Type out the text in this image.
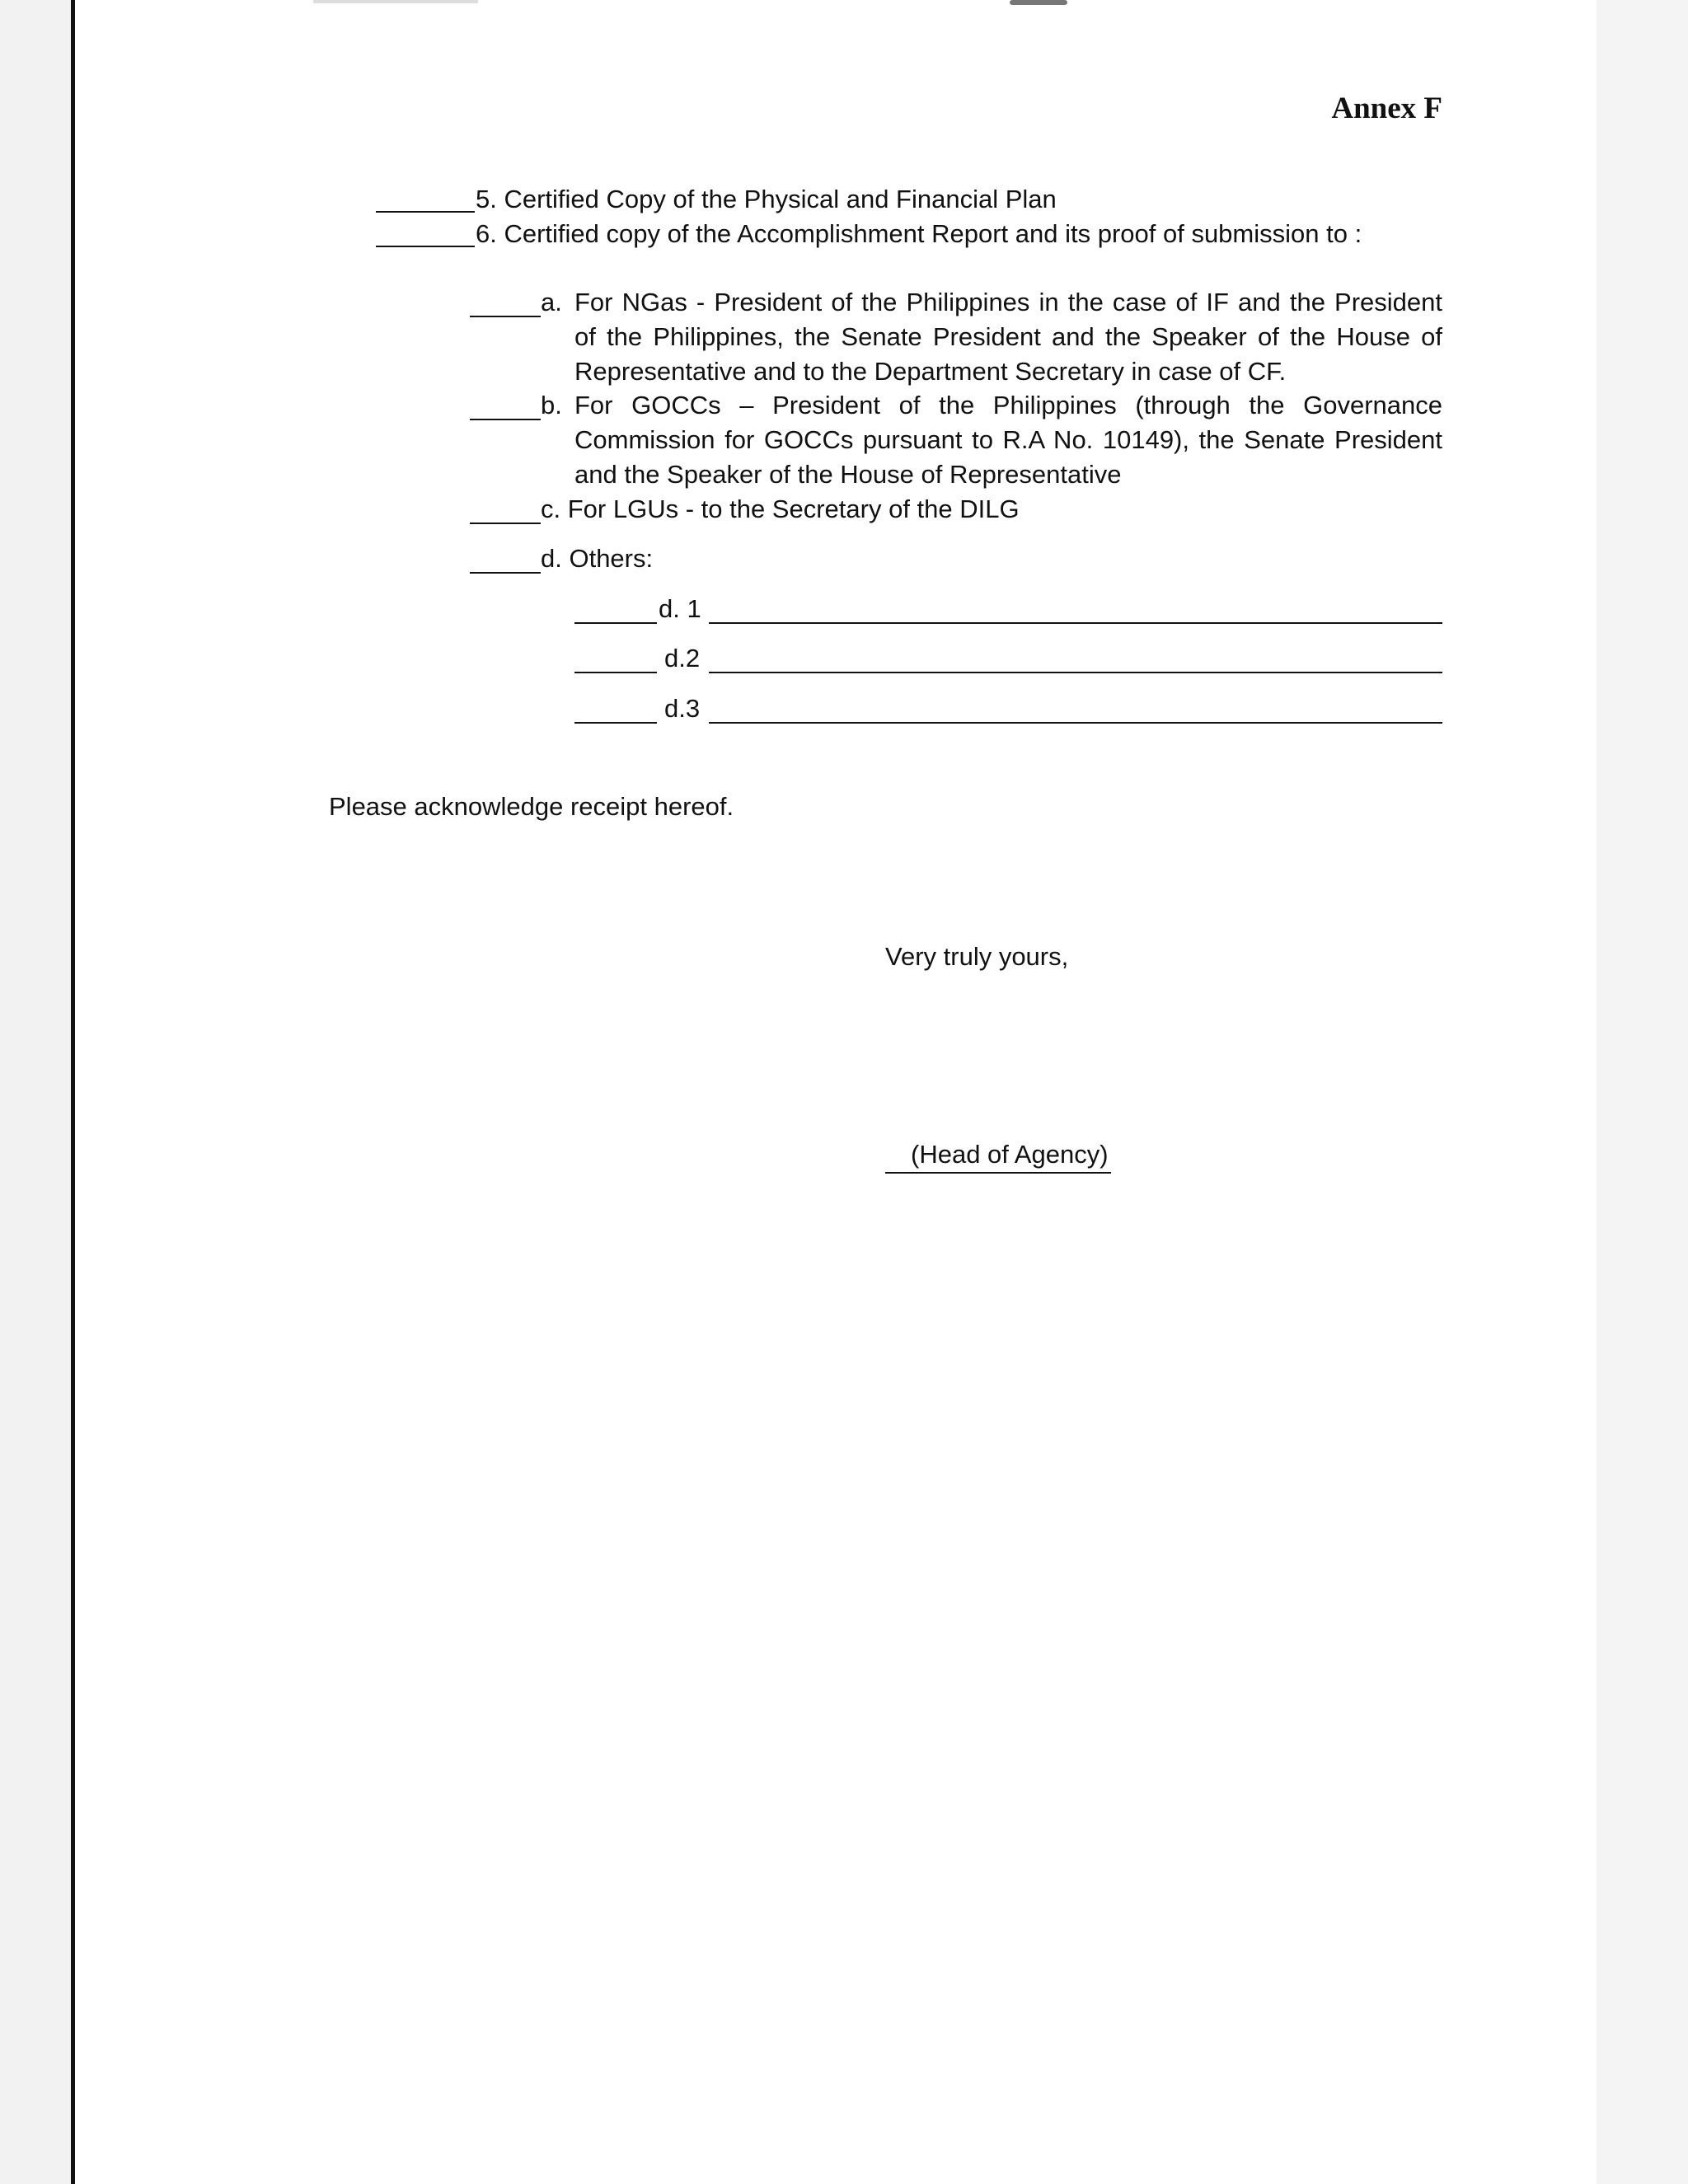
Annex F
5. Certified Copy of the Physical and Financial Plan
6. Certified copy of the Accomplishment Report and its proof of submission to :
a. For NGas - President of the Philippines in the case of IF and the President
of the Philippines, the Senate President and the Speaker of the House of
Representative and to the Department Secretary in case of CF.
b. For GOCCs – President of the Philippines (through the Governance
Commission for GOCCs pursuant to R.A No. 10149), the Senate President
and the Speaker of the House of Representative
c. For LGUs - to the Secretary of the DILG
d. Others:
d. 1
d.2
d.3
Please acknowledge receipt hereof.
Very truly yours,
(Head of Agency)
